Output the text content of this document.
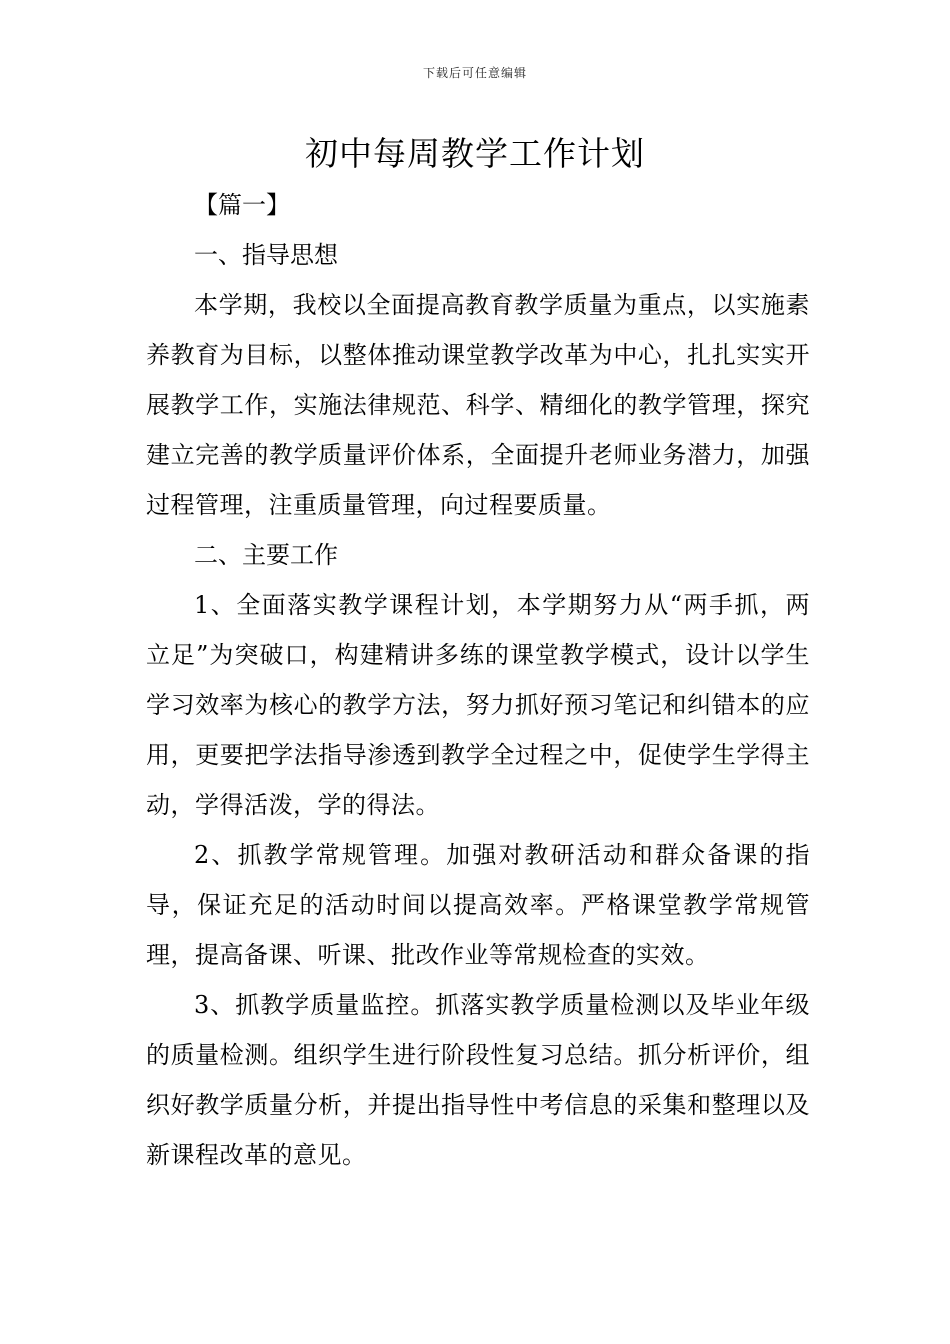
下载后可任意编辑
初中每周教学工作计划

【篇一】

一、指导思想

本学期，我校以全面提高教育教学质量为重点，以实施素养教育为目标，以整体推动课堂教学改革为中心，扎扎实实开展教学工作，实施法律规范、科学、精细化的教学管理，探究建立完善的教学质量评价体系，全面提升老师业务潜力，加强过程管理，注重质量管理，向过程要质量。

二、主要工作

1、全面落实教学课程计划，本学期努力从“两手抓，两立足”为突破口，构建精讲多练的课堂教学模式，设计以学生学习效率为核心的教学方法，努力抓好预习笔记和纠错本的应用，更要把学法指导渗透到教学全过程之中，促使学生学得主动，学得活泼，学的得法。

2、抓教学常规管理。加强对教研活动和群众备课的指导，保证充足的活动时间以提高效率。严格课堂教学常规管理，提高备课、听课、批改作业等常规检查的实效。

3、抓教学质量监控。抓落实教学质量检测以及毕业年级的质量检测。组织学生进行阶段性复习总结。抓分析评价，组织好教学质量分析，并提出指导性中考信息的采集和整理以及新课程改革的意见。
